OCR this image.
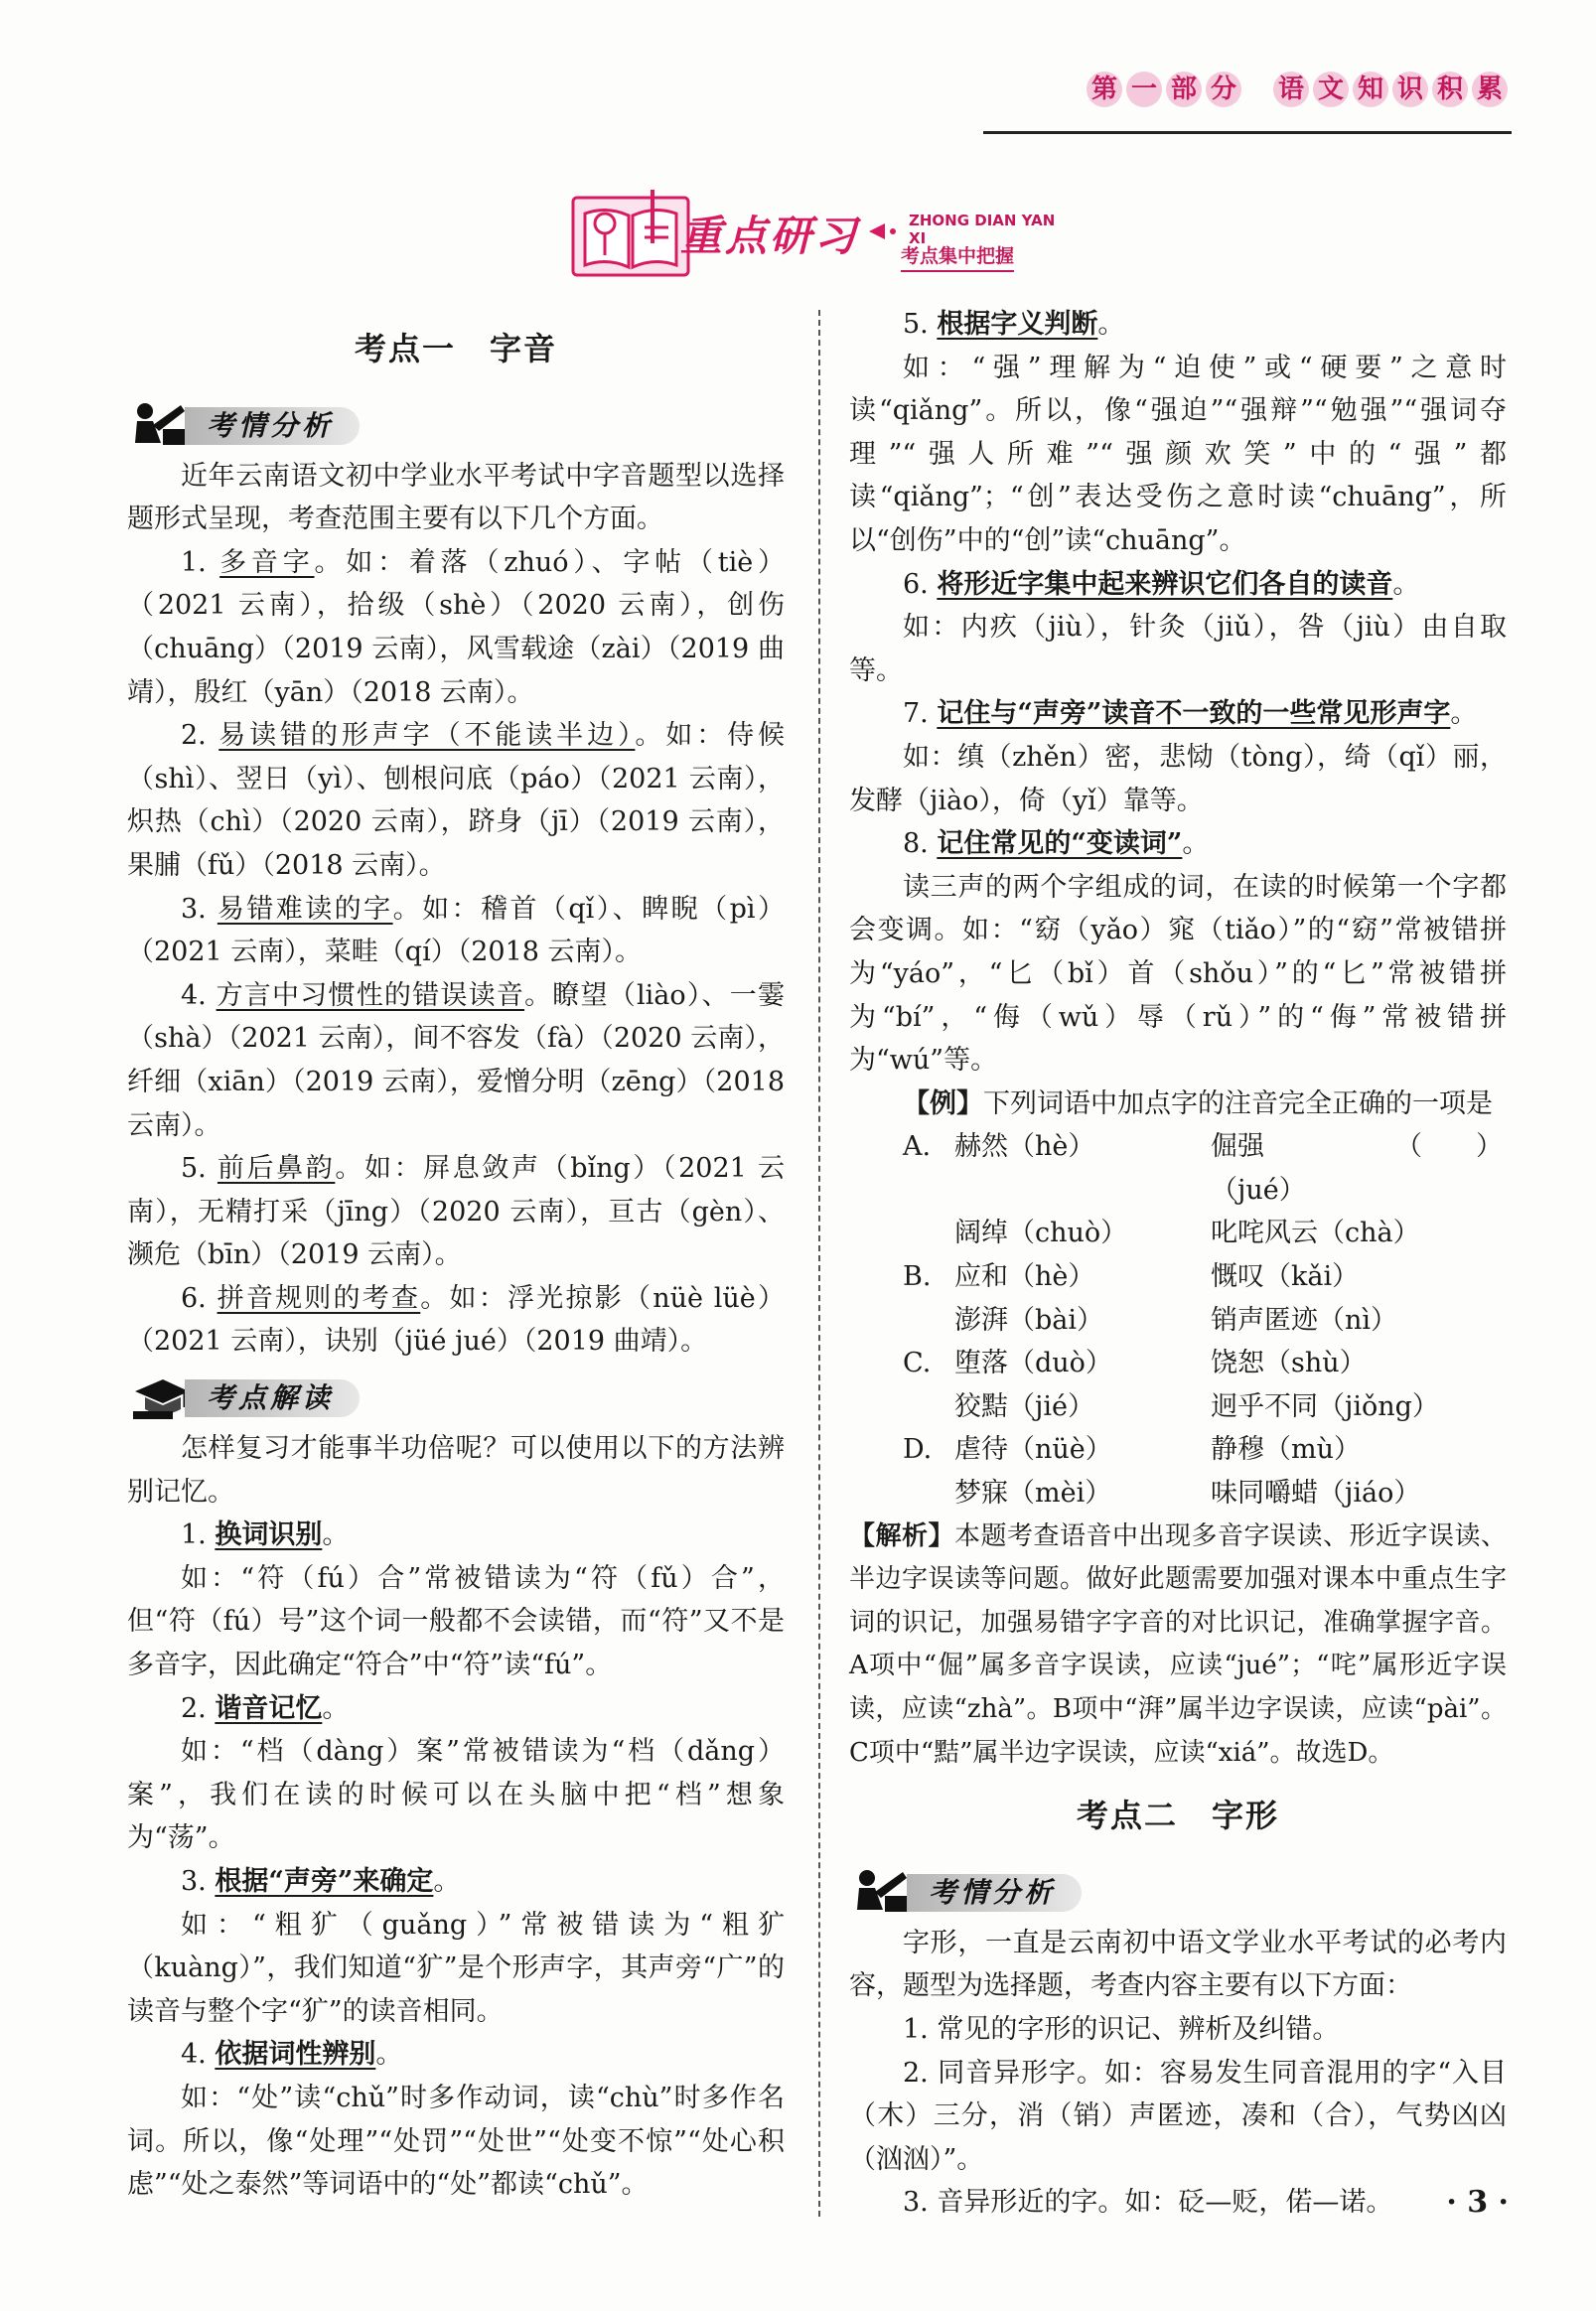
第 一 部 分 语 文 知 识 积 累
重点研习	ZHONG DIAN YAN XI
考点集中把握

考点一　字音

考情分析

近年云南语文初中学业水平考试中字音题型以选择题形式呈现，考查范围主要有以下几个方面。

1. 多音字。如：着落（zhuó）、字帖（tiè）（2021 云南），拾级（shè）（2020 云南），创伤（chuāng）（2019 云南），风雪载途（zài）（2019 曲靖），殷红（yān）（2018 云南）。

2. 易读错的形声字（不能读半边）。如：侍候（shì）、翌日（yì）、刨根问底（páo）（2021 云南），炽热（chì）（2020 云南），跻身（jī）（2019 云南），果脯（fǔ）（2018 云南）。

3. 易错难读的字。如：稽首（qǐ）、睥睨（pì）（2021 云南），菜畦（qí）（2018 云南）。

4. 方言中习惯性的错误读音。瞭望（liào）、一霎（shà）（2021 云南），间不容发（fà）（2020 云南），纤细（xiān）（2019 云南），爱憎分明（zēng）（2018 云南）。

5. 前后鼻韵。如：屏息敛声（bǐng）（2021 云南），无精打采（jīng）（2020 云南），亘古（gèn）、濒危（bīn）（2019 云南）。

6. 拼音规则的考查。如：浮光掠影（nüè lüè）（2021 云南），诀别（jüé jué）（2019 曲靖）。

考点解读

怎样复习才能事半功倍呢？可以使用以下的方法辨别记忆。

1. 换词识别。

如：“符（fú）合”常被错读为“符（fǔ）合”，但“符（fú）号”这个词一般都不会读错，而“符”又不是多音字，因此确定“符合”中“符”读“fú”。

2. 谐音记忆。

如：“档（dàng）案”常被错读为“档（dǎng）案”，我们在读的时候可以在头脑中把“档”想象为“荡”。

3. 根据“声旁”来确定。

如：“粗犷（guǎng）”常被错读为“粗犷（kuàng）”，我们知道“犷”是个形声字，其声旁“广”的读音与整个字“犷”的读音相同。

4. 依据词性辨别。

如：“处”读“chǔ”时多作动词，读“chù”时多作名词。所以，像“处理”“处罚”“处世”“处变不惊”“处心积虑”“处之泰然”等词语中的“处”都读“chǔ”。

5. 根据字义判断。

如：“强”理解为“迫使”或“硬要”之意时读“qiǎng”。所以，像“强迫”“强辩”“勉强”“强词夺理”“强人所难”“强颜欢笑”中的“强”都读“qiǎng”；“创”表达受伤之意时读“chuāng”，所以“创伤”中的“创”读“chuāng”。

6. 将形近字集中起来辨识它们各自的读音。

如：内疚（jiù），针灸（jiǔ），咎（jiù）由自取等。

7. 记住与“声旁”读音不一致的一些常见形声字。

如：缜（zhěn）密，悲恸（tòng），绮（qǐ）丽，发酵（jiào），倚（yǐ）靠等。

8. 记住常见的“变读词”。

读三声的两个字组成的词，在读的时候第一个字都会变调。如：“窈（yǎo）窕（tiǎo）”的“窈”常被错拼为“yáo”，“匕（bǐ）首（shǒu）”的“匕”常被错拼为“bí”，“侮（wǔ）辱（rǔ）”的“侮”常被错拼为“wú”等。

【例】下列词语中加点字的注音完全正确的一项是
（　　）

A. 赫然（hè）	倔强（jué）
阔绰（chuò）	叱咤风云（chà）
B. 应和（hè）	慨叹（kǎi）
澎湃（bài）	销声匿迹（nì）
C. 堕落（duò）	饶恕（shù）
狡黠（jié）	迥乎不同（jiǒng）
D. 虐待（nüè）	静穆（mù）
梦寐（mèi）	味同嚼蜡（jiáo）

【解析】本题考查语音中出现多音字误读、形近字误读、半边字误读等问题。做好此题需要加强对课本中重点生字词的识记，加强易错字字音的对比识记，准确掌握字音。A项中“倔”属多音字误读，应读“jué”；“咤”属形近字误读，应读“zhà”。B项中“湃”属半边字误读，应读“pài”。C项中“黠”属半边字误读，应读“xiá”。故选D。

考点二　字形

考情分析

字形，一直是云南初中语文学业水平考试的必考内容，题型为选择题，考查内容主要有以下方面：

1. 常见的字形的识记、辨析及纠错。

2. 同音异形字。如：容易发生同音混用的字“入目（木）三分，消（销）声匿迹，凑和（合），气势凶凶（汹汹）”。

3. 音异形近的字。如：砭—贬，偌—诺。	· 3 ·
